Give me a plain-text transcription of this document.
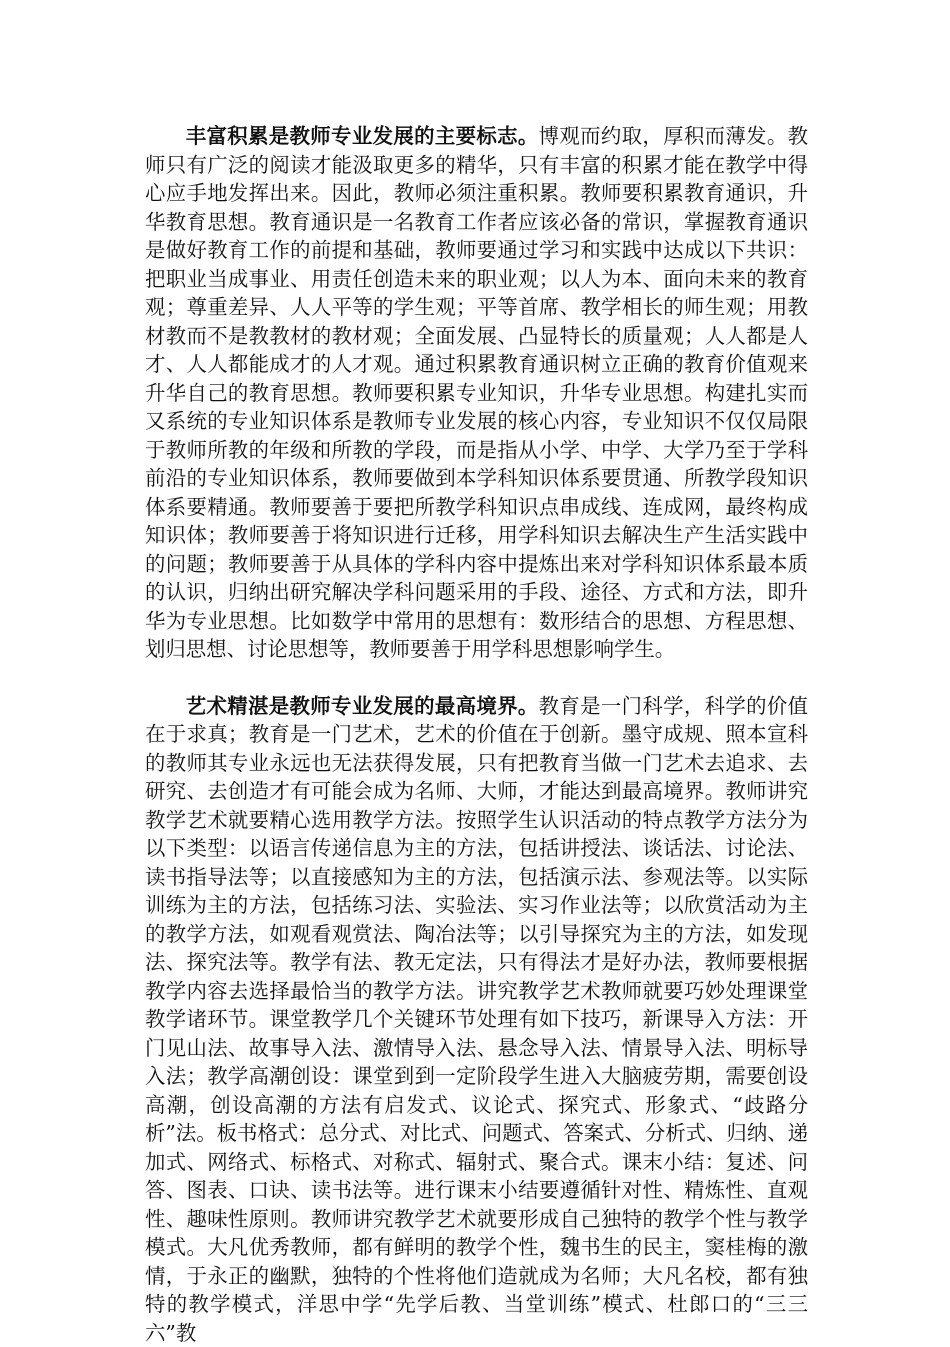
丰富积累是教师专业发展的主要标志。博观而约取，厚积而薄发。教师只有广泛的阅读才能汲取更多的精华，只有丰富的积累才能在教学中得心应手地发挥出来。因此，教师必须注重积累。教师要积累教育通识，升华教育思想。教育通识是一名教育工作者应该必备的常识，掌握教育通识是做好教育工作的前提和基础，教师要通过学习和实践中达成以下共识：把职业当成事业、用责任创造未来的职业观；以人为本、面向未来的教育观；尊重差异、人人平等的学生观；平等首席、教学相长的师生观；用教材教而不是教教材的教材观；全面发展、凸显特长的质量观；人人都是人才、人人都能成才的人才观。通过积累教育通识树立正确的教育价值观来升华自己的教育思想。教师要积累专业知识，升华专业思想。构建扎实而又系统的专业知识体系是教师专业发展的核心内容，专业知识不仅仅局限于教师所教的年级和所教的学段，而是指从小学、中学、大学乃至于学科前沿的专业知识体系，教师要做到本学科知识体系要贯通、所教学段知识体系要精通。教师要善于要把所教学科知识点串成线、连成网，最终构成知识体；教师要善于将知识进行迁移，用学科知识去解决生产生活实践中的问题；教师要善于从具体的学科内容中提炼出来对学科知识体系最本质的认识，归纳出研究解决学科问题采用的手段、途径、方式和方法，即升华为专业思想。比如数学中常用的思想有：数形结合的思想、方程思想、划归思想、讨论思想等，教师要善于用学科思想影响学生。

艺术精湛是教师专业发展的最高境界。教育是一门科学，科学的价值在于求真；教育是一门艺术，艺术的价值在于创新。墨守成规、照本宣科的教师其专业永远也无法获得发展，只有把教育当做一门艺术去追求、去研究、去创造才有可能会成为名师、大师，才能达到最高境界。教师讲究教学艺术就要精心选用教学方法。按照学生认识活动的特点教学方法分为以下类型：以语言传递信息为主的方法，包括讲授法、谈话法、讨论法、读书指导法等；以直接感知为主的方法，包括演示法、参观法等。以实际训练为主的方法，包括练习法、实验法、实习作业法等；以欣赏活动为主的教学方法，如观看观赏法、陶冶法等；以引导探究为主的方法，如发现法、探究法等。教学有法、教无定法，只有得法才是好办法，教师要根据教学内容去选择最恰当的教学方法。讲究教学艺术教师就要巧妙处理课堂教学诸环节。课堂教学几个关键环节处理有如下技巧，新课导入方法：开门见山法、故事导入法、激情导入法、悬念导入法、情景导入法、明标导入法；教学高潮创设：课堂到到一定阶段学生进入大脑疲劳期，需要创设高潮，创设高潮的方法有启发式、议论式、探究式、形象式、“歧路分析”法。板书格式：总分式、对比式、问题式、答案式、分析式、归纳、递加式、网络式、标格式、对称式、辐射式、聚合式。课末小结：复述、问答、图表、口诀、读书法等。进行课末小结要遵循针对性、精炼性、直观性、趣味性原则。教师讲究教学艺术就要形成自己独特的教学个性与教学模式。大凡优秀教师，都有鲜明的教学个性，魏书生的民主，窦桂梅的激情，于永正的幽默，独特的个性将他们造就成为名师；大凡名校，都有独特的教学模式，洋思中学“先学后教、当堂训练”模式、杜郎口的“三三六”教
